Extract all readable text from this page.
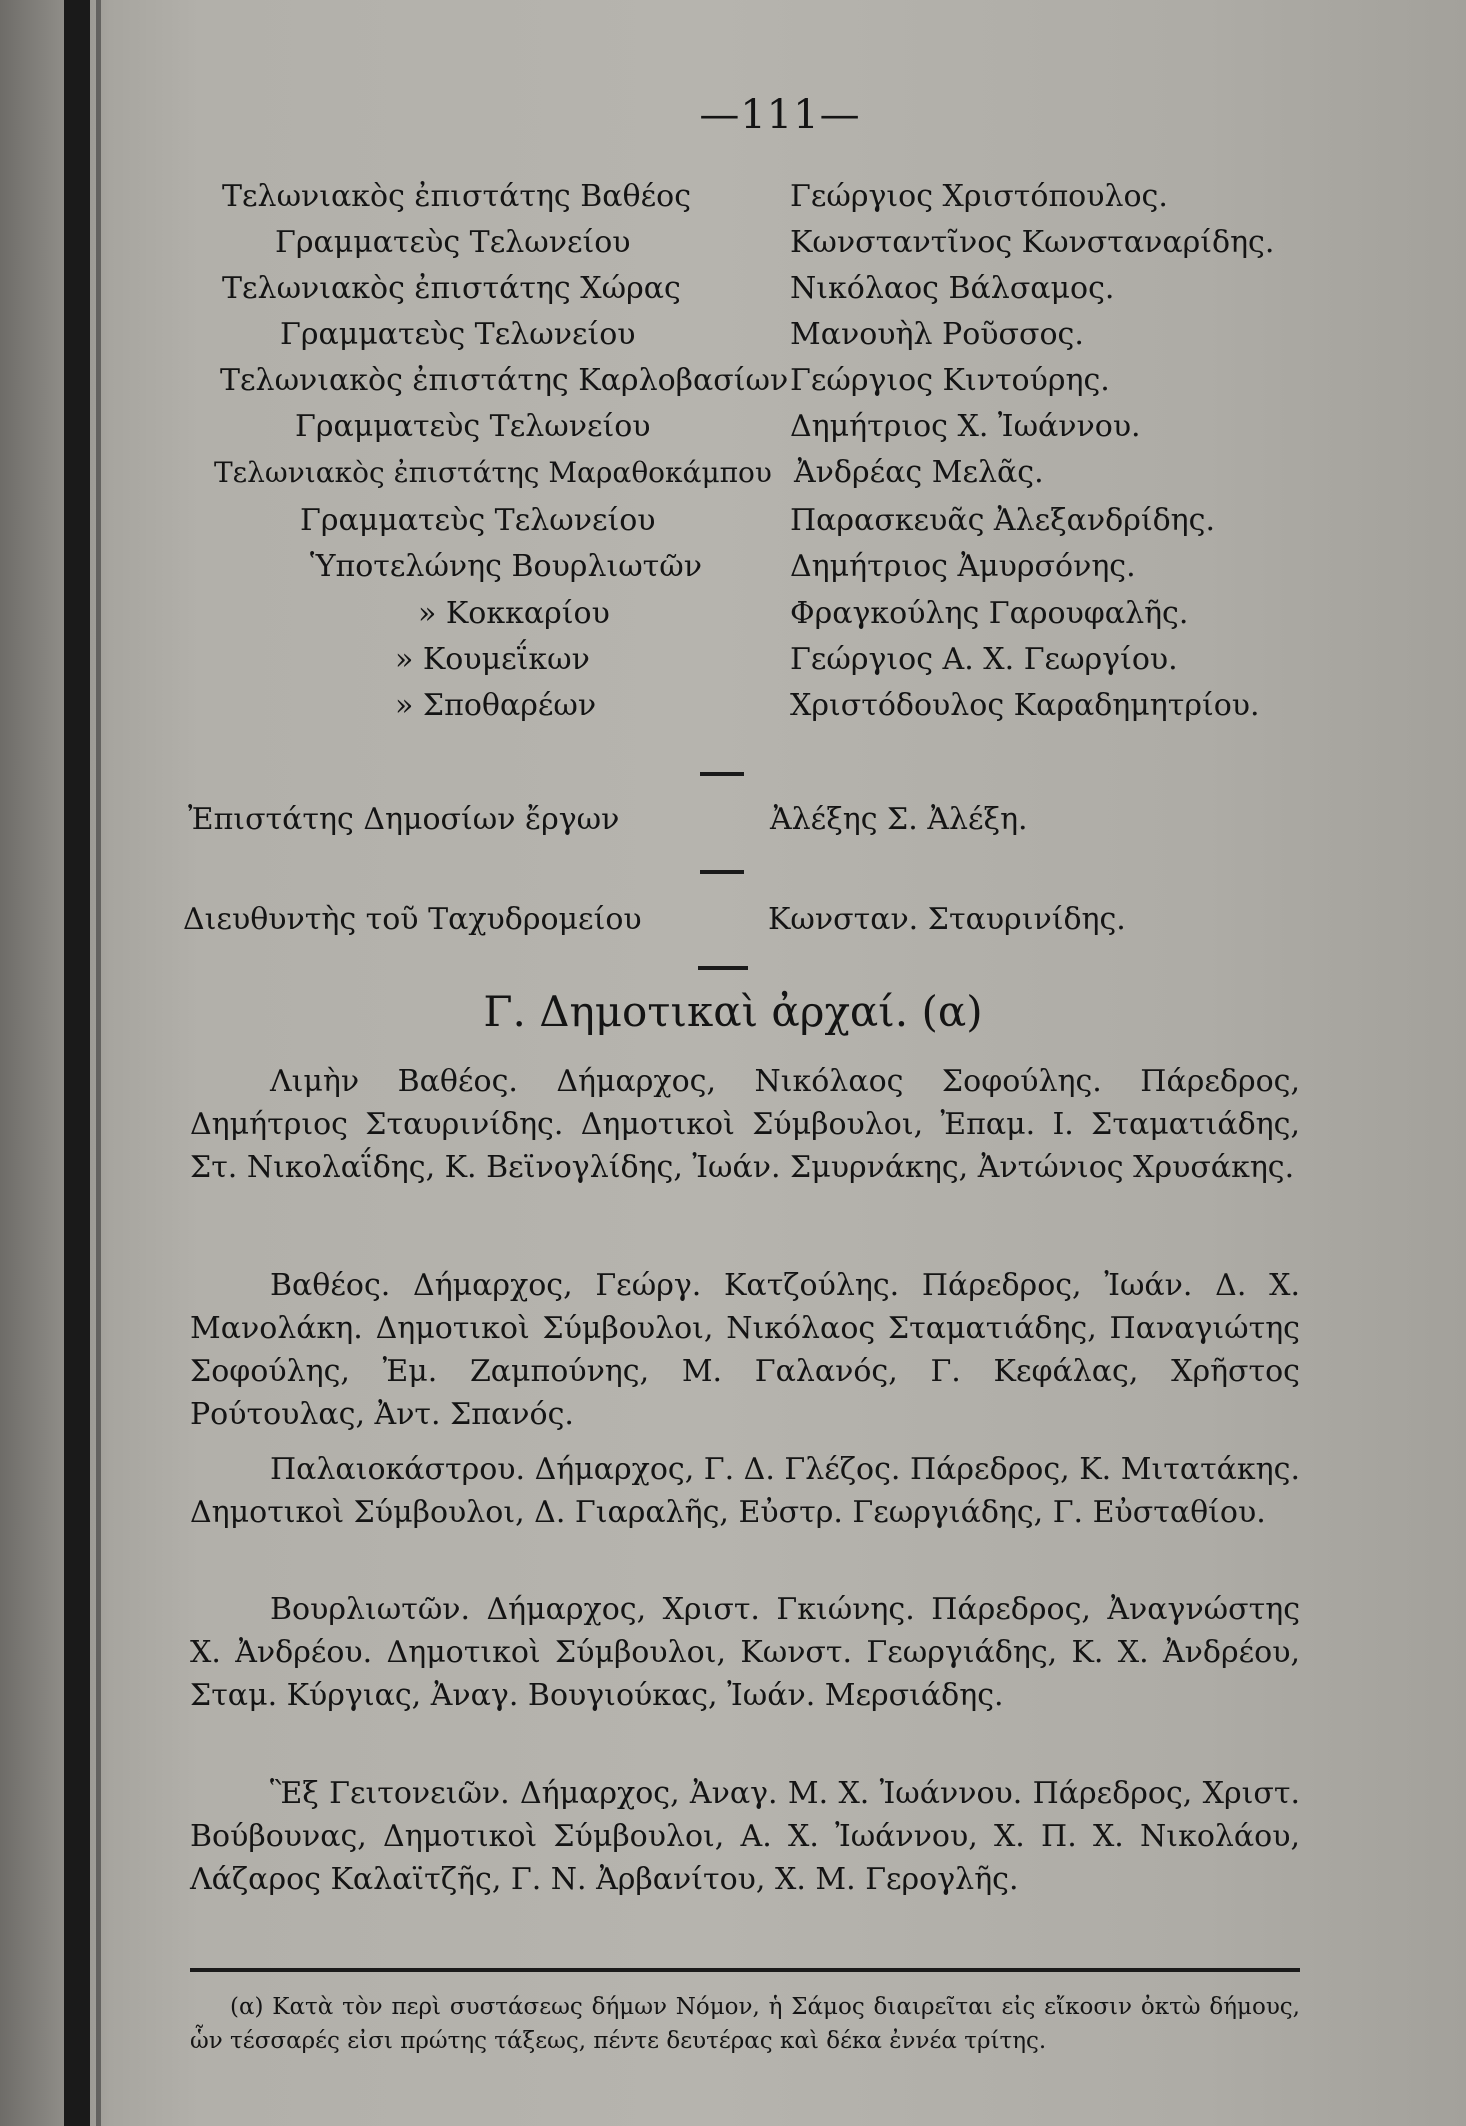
—111—
Τελωνιακὸς ἐπιστάτης Βαθέος	Γεώργιος Χριστόπουλος.
Γραμματεὺς Τελωνείου	Κωνσταντῖνος Κωνσταναρίδης.
Τελωνιακὸς ἐπιστάτης Χώρας	Νικόλαος Βάλσαμος.
Γραμματεὺς Τελωνείου	Μανουὴλ Ροῦσσος.
Τελωνιακὸς ἐπιστάτης Καρλοβασίων Γεώργιος Κιντούρης.
Γραμματεὺς Τελωνείου	Δημήτριος Χ. Ἰωάννου.
Τελωνιακὸς ἐπιστάτης Μαραθοκάμπου Ἀνδρέας Μελᾶς.
Γραμματεὺς Τελωνείου	Παρασκευᾶς Ἀλεξανδρίδης.
Ὑποτελώνης Βουρλιωτῶν	Δημήτριος Ἀμυρσόνης.
» Κοκκαρίου	Φραγκούλης Γαρουφαλῆς.
» Κουμεΐκων	Γεώργιος Α. Χ. Γεωργίου.
» Σποθαρέων	Χριστόδουλος Καραδημητρίου.
Ἐπιστάτης Δημοσίων ἔργων	Ἀλέξης Σ. Ἀλέξη.
Διευθυντὴς τοῦ Ταχυδρομείου	Κωνσταν. Σταυρινίδης.
Γ. Δημοτικαὶ ἀρχαί. (α)
Λιμὴν Βαθέος. Δήμαρχος, Νικόλαος Σοφούλης. Πάρεδρος, Δημήτριος Σταυρινίδης. Δημοτικοὶ Σύμβουλοι, Ἐπαμ. Ι. Σταματιάδης, Στ. Νικολαΐδης, Κ. Βεϊνογλίδης, Ἰωάν. Σμυρνάκης, Ἀντώνιος Χρυσάκης.
Βαθέος. Δήμαρχος, Γεώργ. Κατζούλης. Πάρεδρος, Ἰωάν. Δ. Χ. Μανολάκη. Δημοτικοὶ Σύμβουλοι, Νικόλαος Σταματιάδης, Παναγιώτης Σοφούλης, Ἐμ. Ζαμπούνης, Μ. Γαλανός, Γ. Κεφάλας, Χρῆστος Ρούτουλας, Ἀντ. Σπανός.
Παλαιοκάστρου. Δήμαρχος, Γ. Δ. Γλέζος. Πάρεδρος, Κ. Μιτατάκης. Δημοτικοὶ Σύμβουλοι, Δ. Γιαραλῆς, Εὐστρ. Γεωργιάδης, Γ. Εὐσταθίου.
Βουρλιωτῶν. Δήμαρχος, Χριστ. Γκιώνης. Πάρεδρος, Ἀναγνώστης Χ. Ἀνδρέου. Δημοτικοὶ Σύμβουλοι, Κωνστ. Γεωργιάδης, Κ. Χ. Ἀνδρέου, Σταμ. Κύργιας, Ἀναγ. Βουγιούκας, Ἰωάν. Μερσιάδης.
Ἓξ Γειτονειῶν. Δήμαρχος, Ἀναγ. Μ. Χ. Ἰωάννου. Πάρεδρος, Χριστ. Βούβουνας, Δημοτικοὶ Σύμβουλοι, Α. Χ. Ἰωάννου, Χ. Π. Χ. Νικολάου, Λάζαρος Καλαϊτζῆς, Γ. Ν. Ἀρβανίτου, Χ. Μ. Γερογλῆς.
(α) Κατὰ τὸν περὶ συστάσεως δήμων Νόμον, ἡ Σάμος διαιρεῖται εἰς εἴκοσιν ὀκτὼ δήμους, ὧν τέσσαρές εἰσι πρώτης τάξεως, πέντε δευτέρας καὶ δέκα ἐννέα τρίτης.
